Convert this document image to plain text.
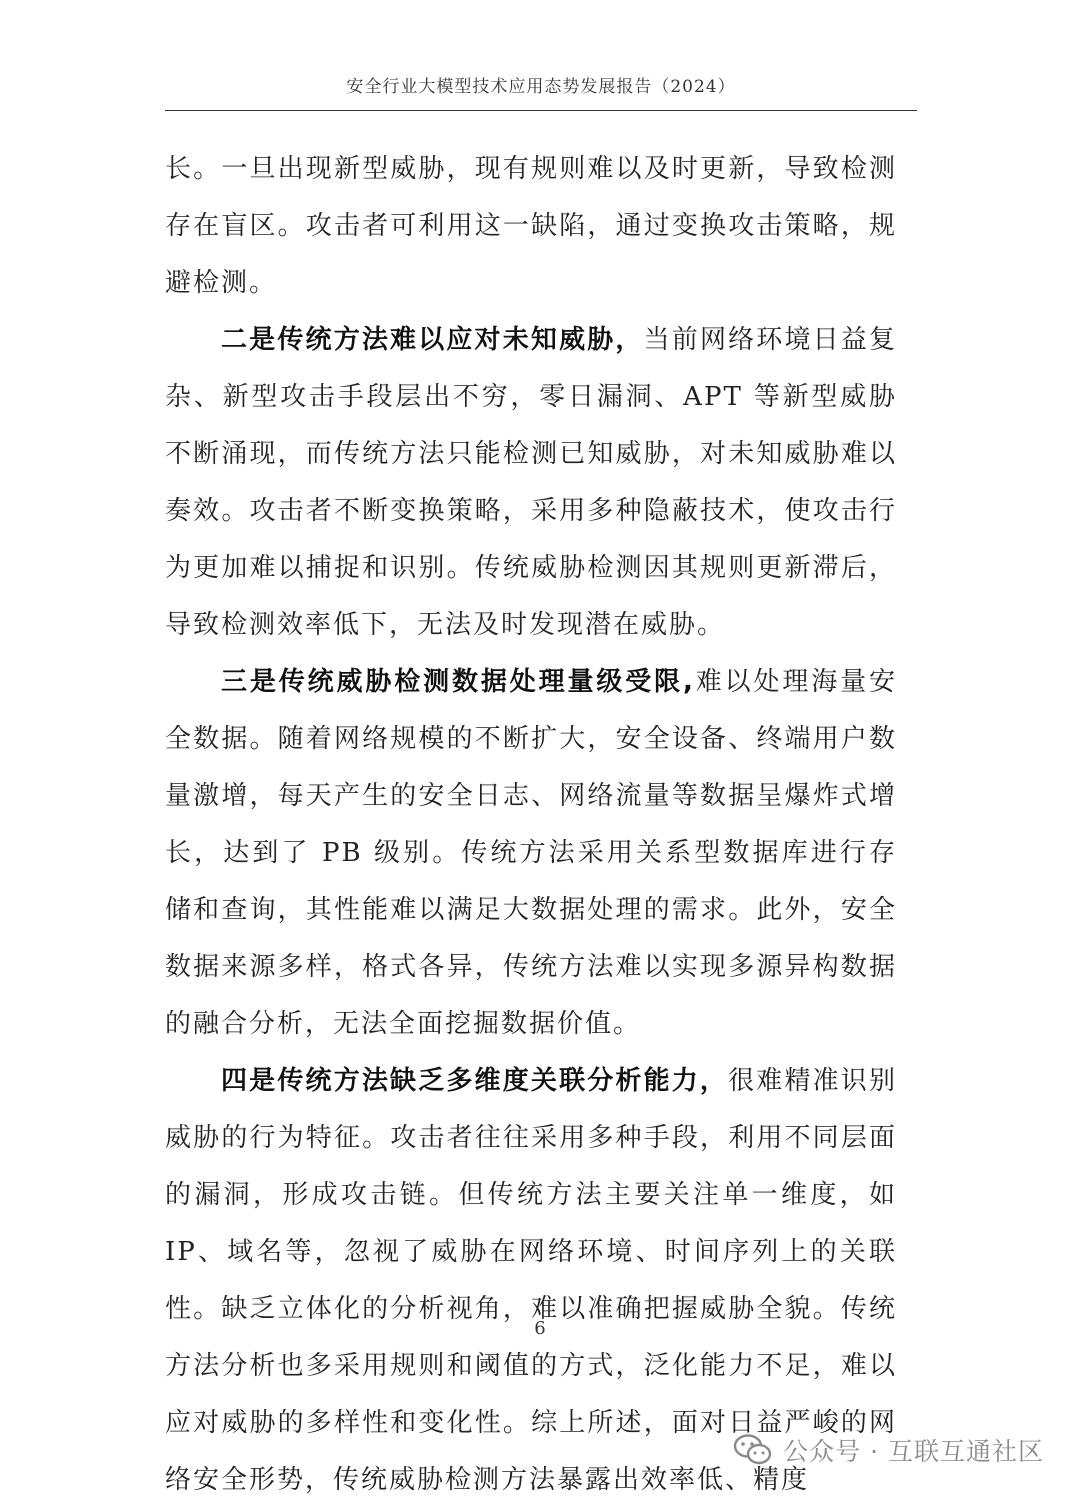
安全行业大模型技术应用态势发展报告（2024）

长。一旦出现新型威胁，现有规则难以及时更新，导致检测存在盲区。攻击者可利用这一缺陷，通过变换攻击策略，规避检测。

二是传统方法难以应对未知威胁，当前网络环境日益复杂、新型攻击手段层出不穷，零日漏洞、APT 等新型威胁不断涌现，而传统方法只能检测已知威胁，对未知威胁难以奏效。攻击者不断变换策略，采用多种隐蔽技术，使攻击行为更加难以捕捉和识别。传统威胁检测因其规则更新滞后，导致检测效率低下，无法及时发现潜在威胁。

三是传统威胁检测数据处理量级受限,难以处理海量安全数据。随着网络规模的不断扩大，安全设备、终端用户数量激增，每天产生的安全日志、网络流量等数据呈爆炸式增长，达到了 PB 级别。传统方法采用关系型数据库进行存储和查询，其性能难以满足大数据处理的需求。此外，安全数据来源多样，格式各异，传统方法难以实现多源异构数据的融合分析，无法全面挖掘数据价值。

四是传统方法缺乏多维度关联分析能力，很难精准识别威胁的行为特征。攻击者往往采用多种手段，利用不同层面的漏洞，形成攻击链。但传统方法主要关注单一维度，如 IP、域名等，忽视了威胁在网络环境、时间序列上的关联性。缺乏立体化的分析视角，难以准确把握威胁全貌。传统方法分析也多采用规则和阈值的方式，泛化能力不足，难以应对威胁的多样性和变化性。综上所述，面对日益严峻的网络安全形势，传统威胁检测方法暴露出效率低、精度

6
公众号 · 互联互通社区
